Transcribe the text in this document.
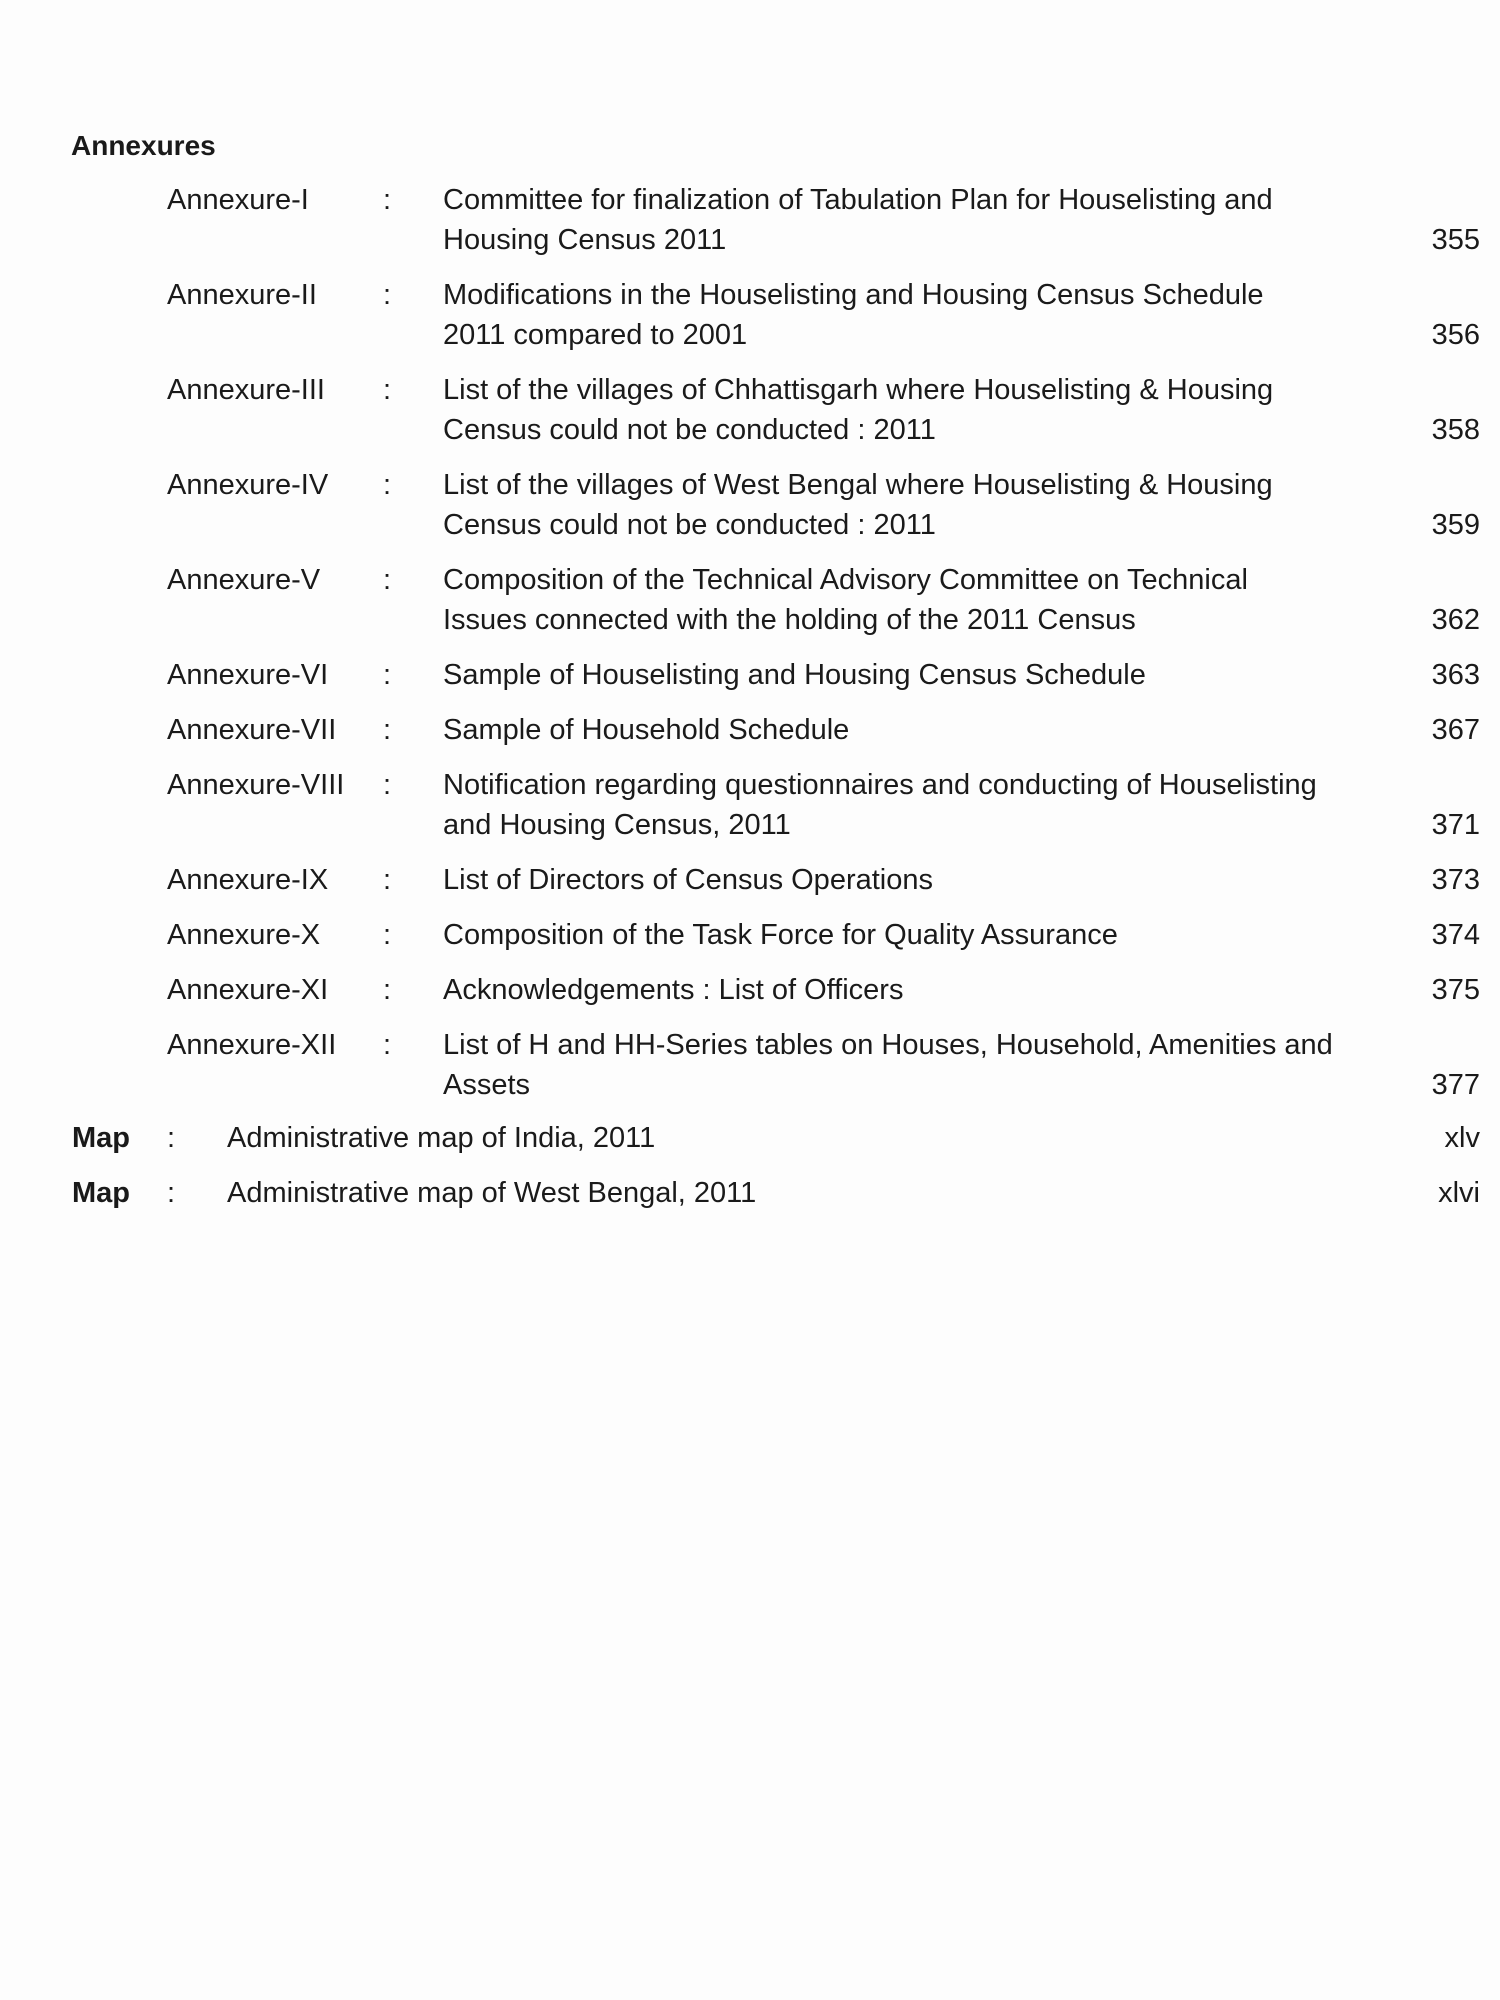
Annexures
Annexure-I	:	Committee for finalization of Tabulation Plan for Houselisting and Housing Census 2011	355
Annexure-II	:	Modifications in the Houselisting and Housing Census Schedule 2011 compared to 2001	356
Annexure-III	:	List of the villages of Chhattisgarh where Houselisting & Housing Census could not be conducted : 2011	358
Annexure-IV	:	List of the villages of West Bengal where Houselisting & Housing Census could not be conducted : 2011	359
Annexure-V	:	Composition of the Technical Advisory Committee on Technical Issues connected with the holding of the 2011 Census	362
Annexure-VI	:	Sample of Houselisting and Housing Census Schedule	363
Annexure-VII	:	Sample of Household Schedule	367
Annexure-VIII	:	Notification regarding questionnaires and conducting of Houselisting and Housing Census, 2011	371
Annexure-IX	:	List of Directors of Census Operations	373
Annexure-X	:	Composition of the Task Force for Quality Assurance	374
Annexure-XI	:	Acknowledgements : List of Officers	375
Annexure-XII	:	List of H and HH-Series tables on Houses, Household, Amenities and Assets	377
Map	:	Administrative map of India, 2011	xlv
Map	:	Administrative map of West Bengal, 2011	xlvi
